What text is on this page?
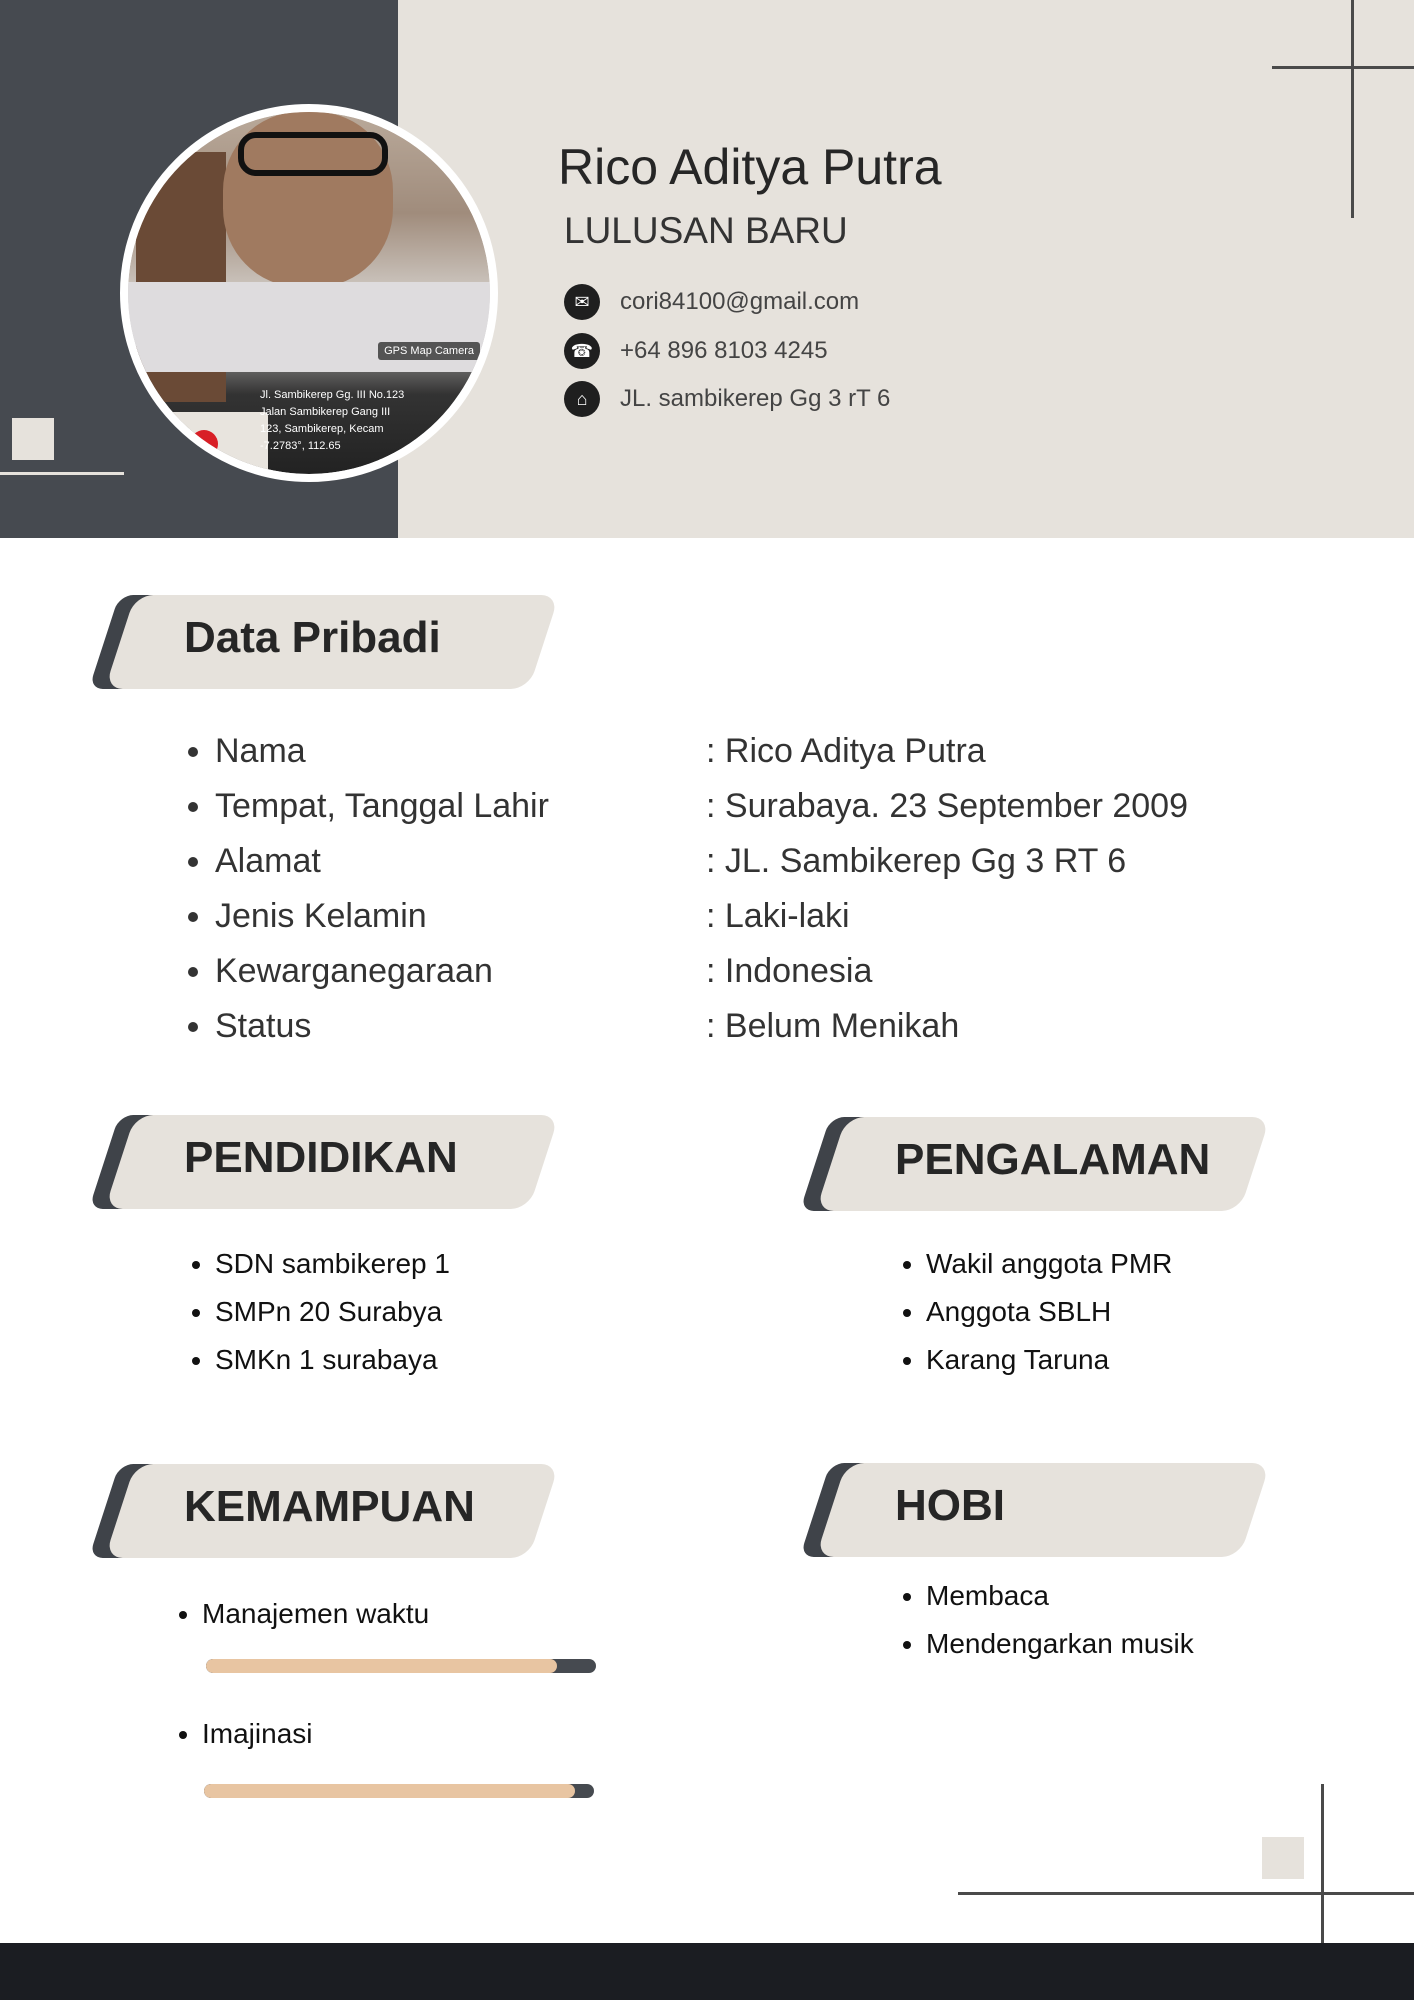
GPS Map Camera
Jl. Sambikerep Gg. III No.123
Jalan Sambikerep Gang III
123, Sambikerep, Kecam
-7.2783°, 112.65
Rico Aditya Putra
LULUSAN BARU
✉	cori84100@gmail.com
☎ +64 896 8103 4245
⌂	JL. sambikerep Gg 3 rT 6
Data Pribadi
• Nama
• Tempat, Tanggal Lahir
• Alamat
• Jenis Kelamin
• Kewarganegaraan
• Status
: Rico Aditya Putra
: Surabaya. 23 September 2009
: JL. Sambikerep Gg 3 RT 6
: Laki-laki
: Indonesia
: Belum Menikah
PENDIDIKAN
• SDN sambikerep 1
• SMPn 20 Surabya
• SMKn 1 surabaya
PENGALAMAN
• Wakil anggota PMR
• Anggota SBLH
• Karang Taruna
KEMAMPUAN
• Manajemen waktu
• Imajinasi
HOBI
• Membaca
• Mendengarkan musik
